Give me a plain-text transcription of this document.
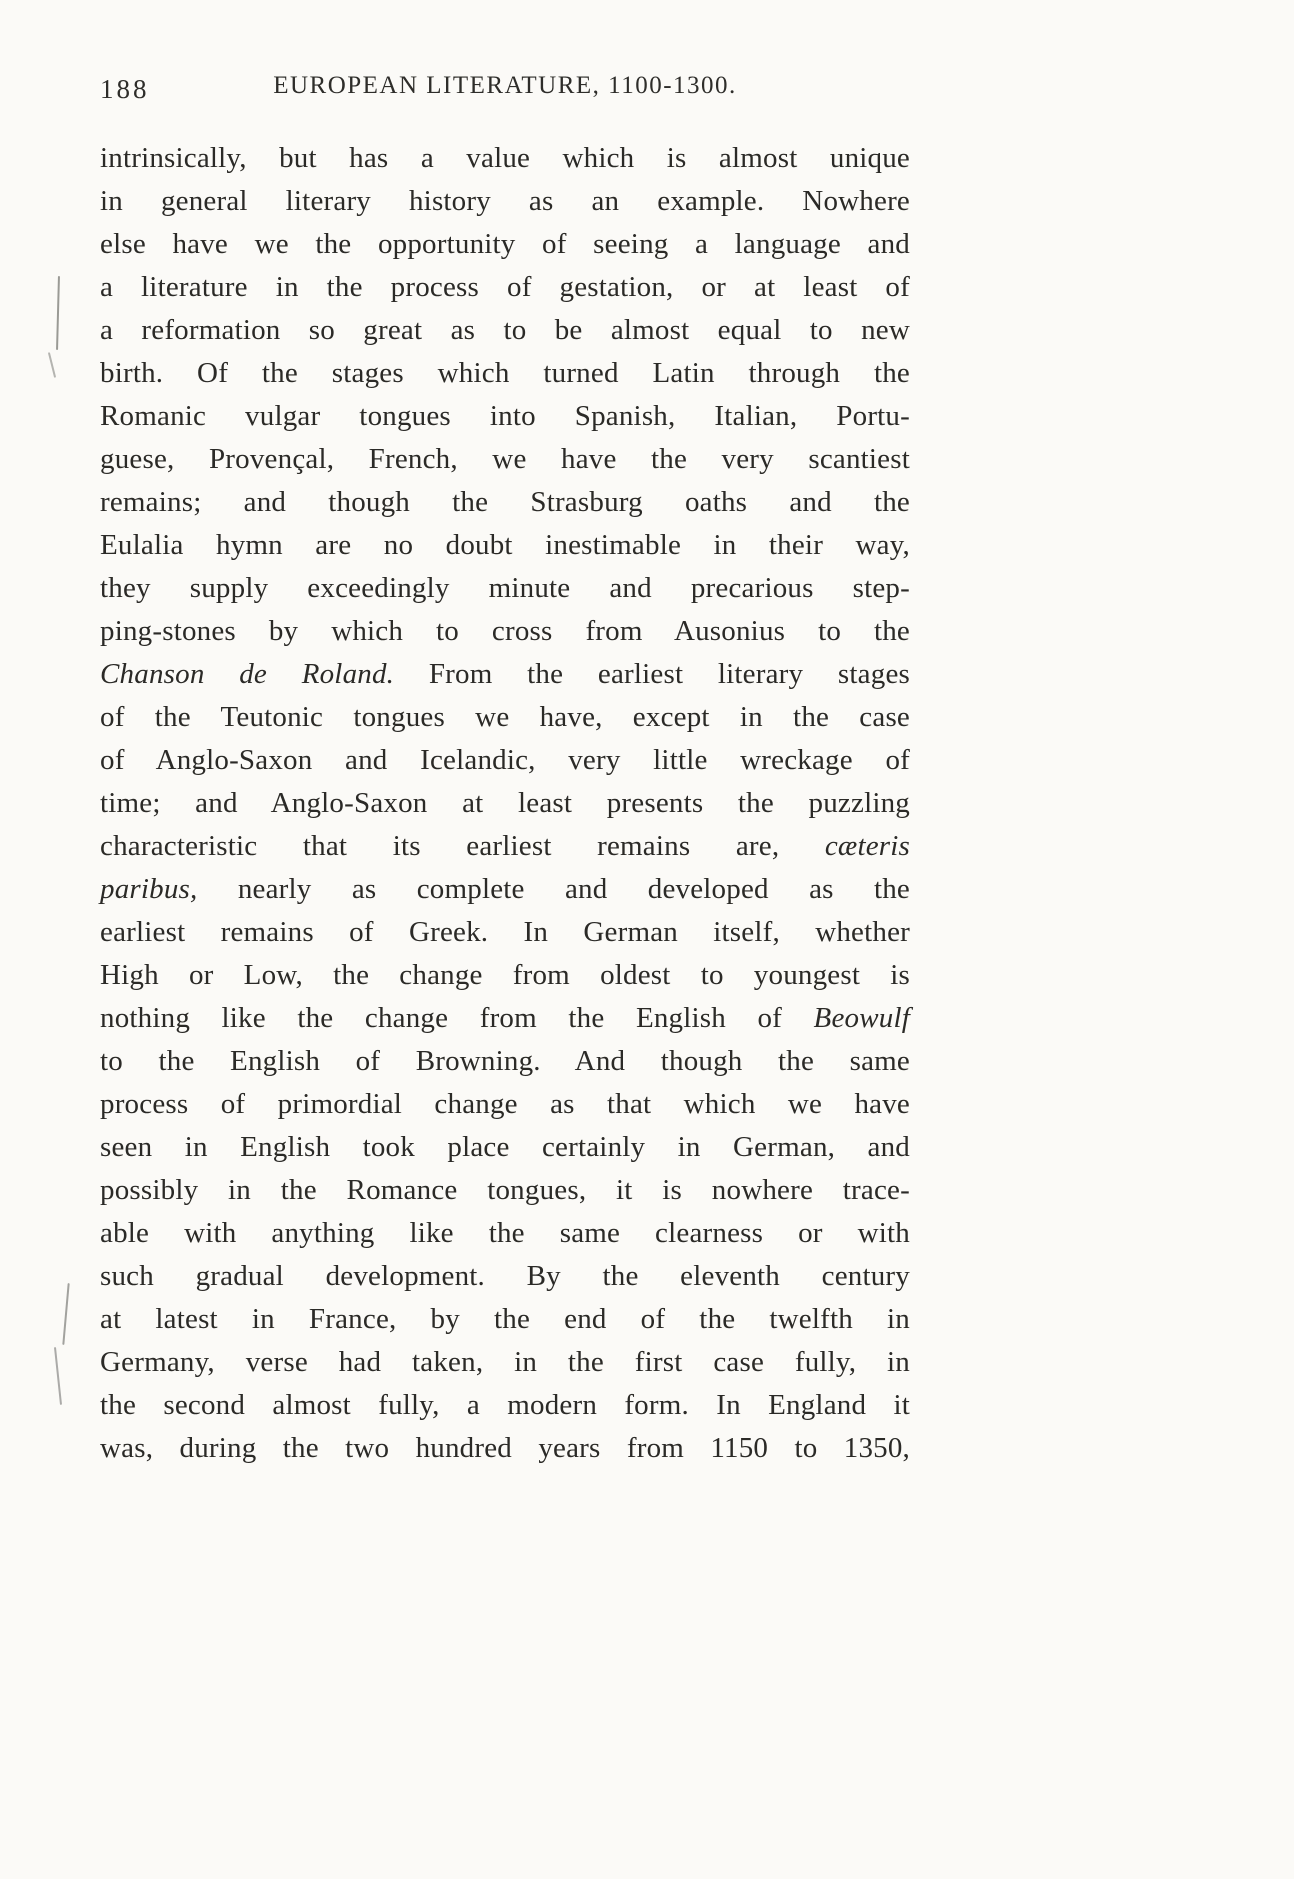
188	EUROPEAN LITERATURE, 1100-1300.
intrinsically, but has a value which is almost unique
in general literary history as an example. Nowhere
else have we the opportunity of seeing a language and
a literature in the process of gestation, or at least of
a reformation so great as to be almost equal to new
birth. Of the stages which turned Latin through the
Romanic vulgar tongues into Spanish, Italian, Portu-
guese, Provençal, French, we have the very scantiest
remains; and though the Strasburg oaths and the
Eulalia hymn are no doubt inestimable in their way,
they supply exceedingly minute and precarious step-
ping-stones by which to cross from Ausonius to the
Chanson de Roland. From the earliest literary stages
of the Teutonic tongues we have, except in the case
of Anglo-Saxon and Icelandic, very little wreckage of
time; and Anglo-Saxon at least presents the puzzling
characteristic that its earliest remains are, cæteris
paribus, nearly as complete and developed as the
earliest remains of Greek. In German itself, whether
High or Low, the change from oldest to youngest is
nothing like the change from the English of Beowulf
to the English of Browning. And though the same
process of primordial change as that which we have
seen in English took place certainly in German, and
possibly in the Romance tongues, it is nowhere trace-
able with anything like the same clearness or with
such gradual development. By the eleventh century
at latest in France, by the end of the twelfth in
Germany, verse had taken, in the first case fully, in
the second almost fully, a modern form. In England it
was, during the two hundred years from 1150 to 1350,
